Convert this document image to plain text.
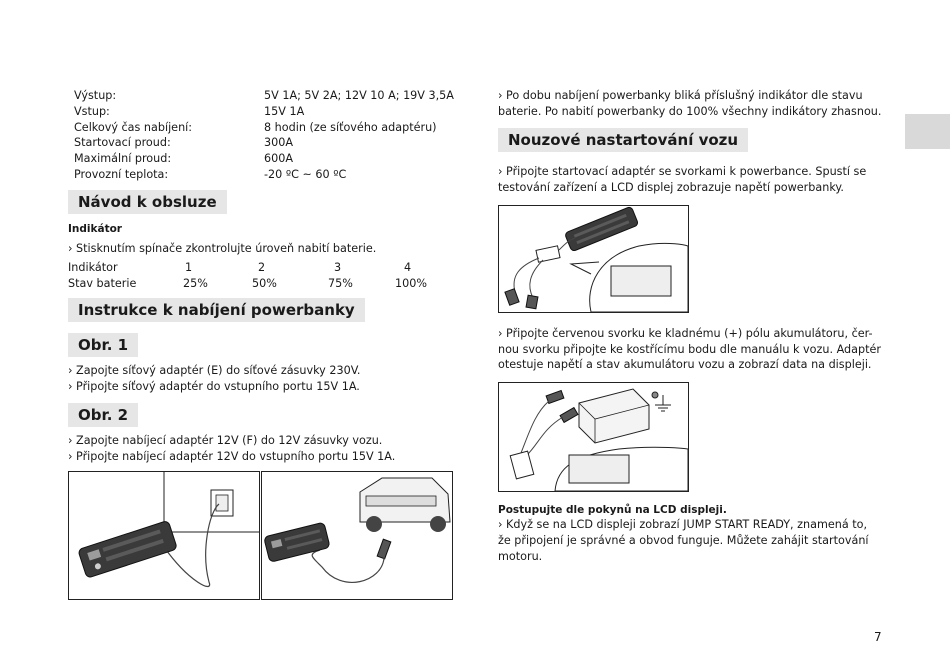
Výstup:	5V 1A; 5V 2A; 12V 10 A; 19V 3,5A
Vstup:	15V 1A
Celkový čas nabíjení:	8 hodin (ze síťového adaptéru)
Startovací proud:	300A
Maximální proud:	600A
Provozní teplota:	-20 ºC ~ 60 ºC
Návod k obsluze
Indikátor
› Stisknutím spínače zkontrolujte úroveň nabití baterie.
Indikátor	1	2	3	4
Stav baterie	25%	50%	75%	100%
Instrukce k nabíjení powerbanky
Obr. 1
› Zapojte síťový adaptér (E) do síťové zásuvky 230V.
› Připojte síťový adaptér do vstupního portu 15V 1A.
Obr. 2
› Zapojte nabíjecí adaptér 12V (F) do 12V zásuvky vozu.
› Připojte nabíjecí adaptér 12V do vstupního portu 15V 1A.
› Po dobu nabíjení powerbanky bliká příslušný indikátor dle stavu
baterie. Po nabití powerbanky do 100% všechny indikátory zhasnou.
Nouzové nastartování vozu
› Připojte startovací adaptér se svorkami k powerbance. Spustí se
testování zařízení a LCD displej zobrazuje napětí powerbanky.
› Připojte červenou svorku ke kladnému (+) pólu akumulátoru, čer-
nou svorku připojte ke kostřícímu bodu dle manuálu k vozu. Adaptér
otestuje napětí a stav akumulátoru vozu a zobrazí data na displeji.
Postupujte dle pokynů na LCD displeji.
› Když se na LCD displeji zobrazí JUMP START READY, znamená to,
že připojení je správné a obvod funguje. Můžete zahájit startování
motoru.
7
